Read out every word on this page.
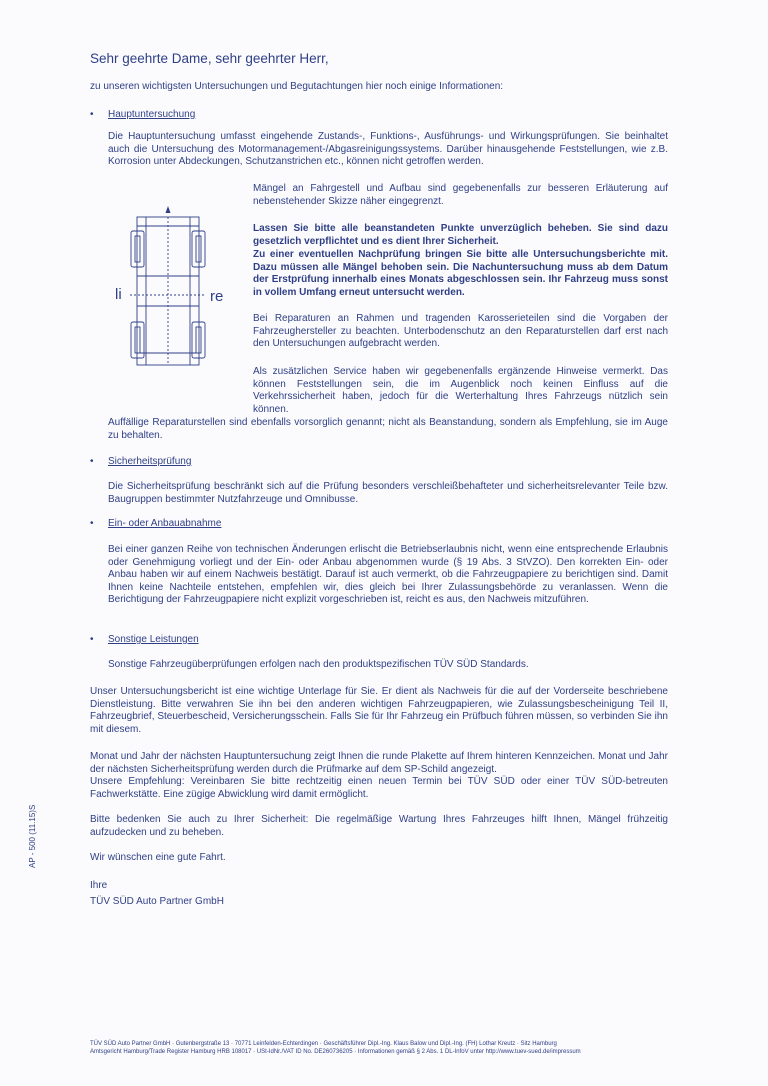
Sehr geehrte Dame, sehr geehrter Herr,

zu unseren wichtigsten Untersuchungen und Begutachtungen hier noch einige Informationen:

• Hauptuntersuchung

Die Hauptuntersuchung umfasst eingehende Zustands-, Funktions-, Ausführungs- und Wirkungsprüfungen. Sie beinhaltet auch die Untersuchung des Motormanagement-/Abgasreinigungssystems. Darüber hinausgehende Feststellungen, wie z.B. Korrosion unter Abdeckungen, Schutzanstrichen etc., können nicht getroffen werden.

li	re

Mängel an Fahrgestell und Aufbau sind gegebenenfalls zur besseren Erläuterung auf nebenstehender Skizze näher eingegrenzt.

Lassen Sie bitte alle beanstandeten Punkte unverzüglich beheben. Sie sind dazu gesetzlich verpflichtet und es dient Ihrer Sicherheit.

Zu einer eventuellen Nachprüfung bringen Sie bitte alle Untersuchungsberichte mit. Dazu müssen alle Mängel behoben sein. Die Nachuntersuchung muss ab dem Datum der Erstprüfung innerhalb eines Monats abgeschlossen sein. Ihr Fahrzeug muss sonst in vollem Umfang erneut untersucht werden.

Bei Reparaturen an Rahmen und tragenden Karosserieteilen sind die Vorgaben der Fahrzeughersteller zu beachten. Unterbodenschutz an den Reparaturstellen darf erst nach den Untersuchungen aufgebracht werden.

Als zusätzlichen Service haben wir gegebenenfalls ergänzende Hinweise vermerkt. Das können Feststellungen sein, die im Augenblick noch keinen Einfluss auf die Verkehrssicherheit haben, jedoch für die Werterhaltung Ihres Fahrzeugs nützlich sein können.

Auffällige Reparaturstellen sind ebenfalls vorsorglich genannt; nicht als Beanstandung, sondern als Empfehlung, sie im Auge zu behalten.

• Sicherheitsprüfung

Die Sicherheitsprüfung beschränkt sich auf die Prüfung besonders verschleißbehafteter und sicherheitsrelevanter Teile bzw. Baugruppen bestimmter Nutzfahrzeuge und Omnibusse.

• Ein- oder Anbauabnahme

Bei einer ganzen Reihe von technischen Änderungen erlischt die Betriebserlaubnis nicht, wenn eine entsprechende Erlaubnis oder Genehmigung vorliegt und der Ein- oder Anbau abgenommen wurde (§ 19 Abs. 3 StVZO). Den korrekten Ein- oder Anbau haben wir auf einem Nachweis bestätigt. Darauf ist auch vermerkt, ob die Fahrzeugpapiere zu berichtigen sind. Damit Ihnen keine Nachteile entstehen, empfehlen wir, dies gleich bei Ihrer Zulassungsbehörde zu veranlassen. Wenn die Berichtigung der Fahrzeugpapiere nicht explizit vorgeschrieben ist, reicht es aus, den Nachweis mitzuführen.

• Sonstige Leistungen

Sonstige Fahrzeugüberprüfungen erfolgen nach den produktspezifischen TÜV SÜD Standards.

Unser Untersuchungsbericht ist eine wichtige Unterlage für Sie. Er dient als Nachweis für die auf der Vorderseite beschriebene Dienstleistung. Bitte verwahren Sie ihn bei den anderen wichtigen Fahrzeugpapieren, wie Zulassungsbescheinigung Teil II, Fahrzeugbrief, Steuerbescheid, Versicherungsschein. Falls Sie für Ihr Fahrzeug ein Prüfbuch führen müssen, so verbinden Sie ihn mit diesem.

Monat und Jahr der nächsten Hauptuntersuchung zeigt Ihnen die runde Plakette auf Ihrem hinteren Kennzeichen. Monat und Jahr der nächsten Sicherheitsprüfung werden durch die Prüfmarke auf dem SP-Schild angezeigt.

Unsere Empfehlung: Vereinbaren Sie bitte rechtzeitig einen neuen Termin bei TÜV SÜD oder einer TÜV SÜD-betreuten Fachwerkstätte. Eine zügige Abwicklung wird damit ermöglicht.

Bitte bedenken Sie auch zu Ihrer Sicherheit: Die regelmäßige Wartung Ihres Fahrzeuges hilft Ihnen, Mängel frühzeitig aufzudecken und zu beheben.

Wir wünschen eine gute Fahrt.

Ihre

TÜV SÜD Auto Partner GmbH

AP - 500 (11.15)S

TÜV SÜD Auto Partner GmbH · Gutenbergstraße 13 · 70771 Leinfelden-Echterdingen · Geschäftsführer Dipl.-Ing. Klaus Balow und Dipl.-Ing. (FH) Lothar Kreutz · Sitz Hamburg

Amtsgericht Hamburg/Trade Register Hamburg HRB 108017 · USt-IdNr./VAT ID No. DE260736205 · Informationen gemäß § 2 Abs. 1 DL-InfoV unter http://www.tuev-sued.de/impressum
